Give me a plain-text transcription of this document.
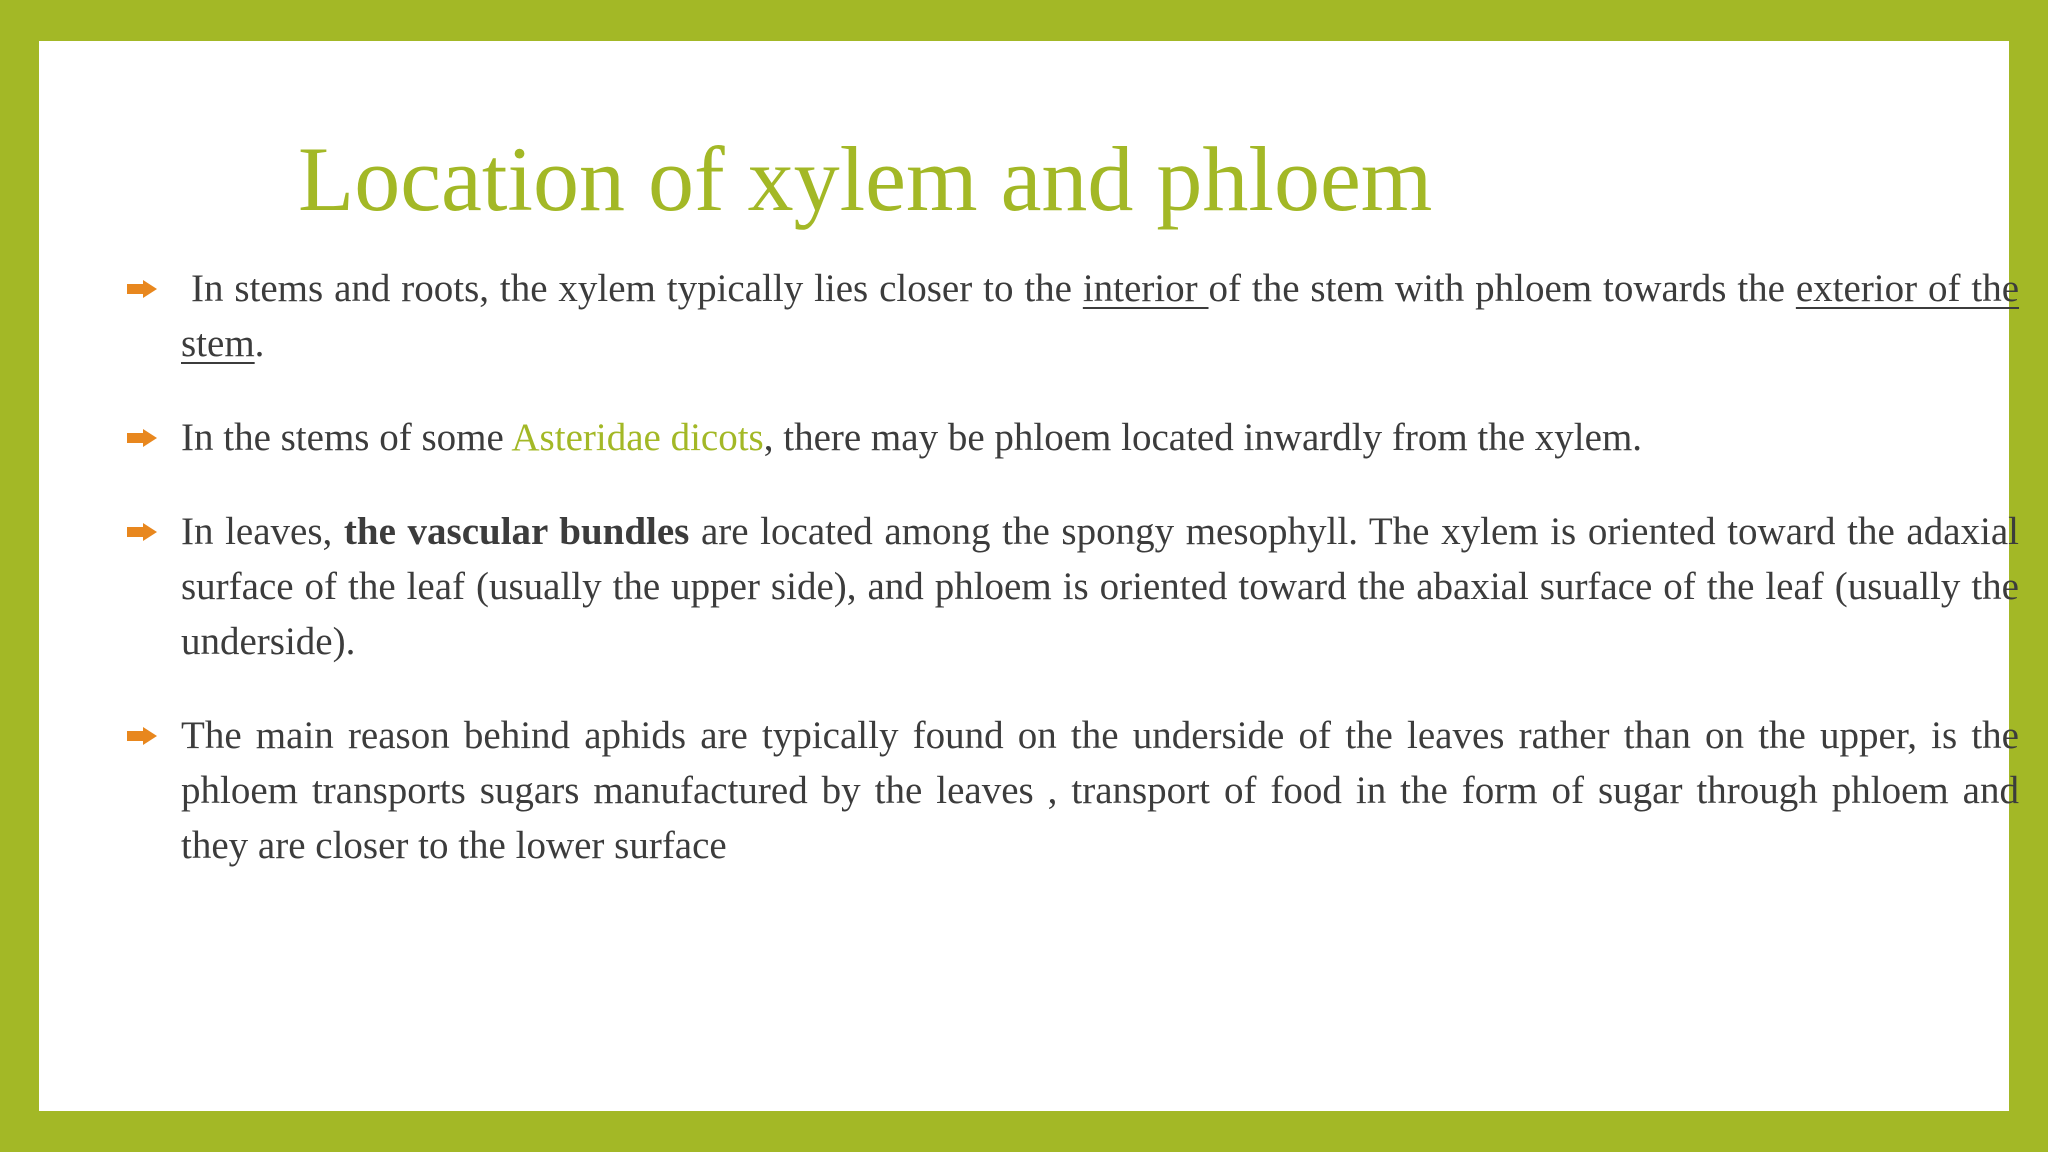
Location of xylem and phloem
In stems and roots, the xylem typically lies closer to the interior of the stem with phloem towards the exterior of the stem.
In the stems of some Asteridae dicots, there may be phloem located inwardly from the xylem.
In leaves, the vascular bundles are located among the spongy mesophyll. The xylem is oriented toward the adaxial surface of the leaf (usually the upper side), and phloem is oriented toward the abaxial surface of the leaf (usually the underside).
The main reason behind aphids are typically found on the underside of the leaves rather than on the upper, is the phloem transports sugars manufactured by the leaves , transport of food in the form of sugar through phloem and they are closer to the lower surface
